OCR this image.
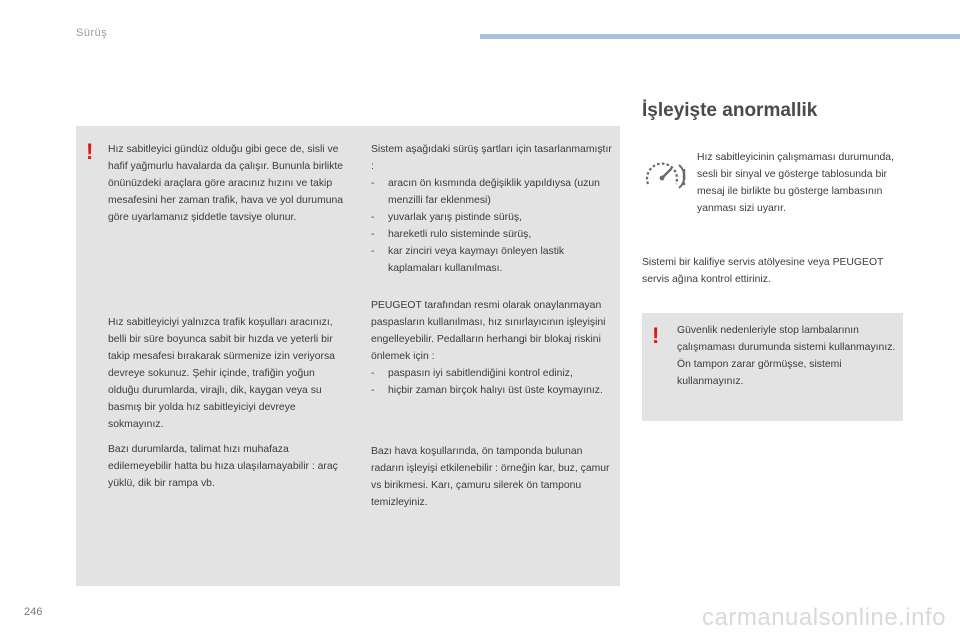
Sürüş
! Hız sabitleyici gündüz olduğu gibi gece de, sisli ve hafif yağmurlu havalarda da çalışır. Bununla birlikte önünüzdeki araçlara göre aracınız hızını ve takip mesafesini her zaman trafik, hava ve yol durumuna göre uyarlamanız şiddetle tavsiye olunur.

Hız sabitleyiciyi yalnızca trafik koşulları aracınızı, belli bir süre boyunca sabit bir hızda ve yeterli bir takip mesafesi bırakarak sürmenize izin veriyorsa devreye sokunuz. Şehir içinde, trafiğin yoğun olduğu durumlarda, virajlı, dik, kaygan veya su basmış bir yolda hız sabitleyiciyi devreye sokmayınız.

Bazı durumlarda, talimat hızı muhafaza edilemeyebilir hatta bu hıza ulaşılamayabilir : araç yüklü, dik bir rampa vb.

Sistem aşağıdaki sürüş şartları için tasarlanmamıştır :

- aracın ön kısmında değişiklik yapıldıysa (uzun menzilli far eklenmesi)
- yuvarlak yarış pistinde sürüş,
- hareketli rulo sisteminde sürüş,
- kar zinciri veya kaymayı önleyen lastik kaplamaları kullanılması.

PEUGEOT tarafından resmi olarak onaylanmayan paspasların kullanılması, hız sınırlayıcının işleyişini engelleyebilir. Pedalların herhangi bir blokaj riskini önlemek için :

- paspasın iyi sabitlendiğini kontrol ediniz,
- hiçbir zaman birçok halıyı üst üste koymayınız.

Bazı hava koşullarında, ön tamponda bulunan radarın işleyişi etkilenebilir : örneğin kar, buz, çamur vs birikmesi. Karı, çamuru silerek ön tamponu temizleyiniz.

İşleyişte anormallik

Hız sabitleyicinin çalışmaması durumunda, sesli bir sinyal ve gösterge tablosunda bir mesaj ile birlikte bu gösterge lambasının yanması sizi uyarır.

Sistemi bir kalifiye servis atölyesine veya PEUGEOT servis ağına kontrol ettiriniz.

! Güvenlik nedenleriyle stop lambalarının çalışmaması durumunda sistemi kullanmayınız.

Ön tampon zarar görmüşse, sistemi kullanmayınız.

246	carmanualsonline.info
